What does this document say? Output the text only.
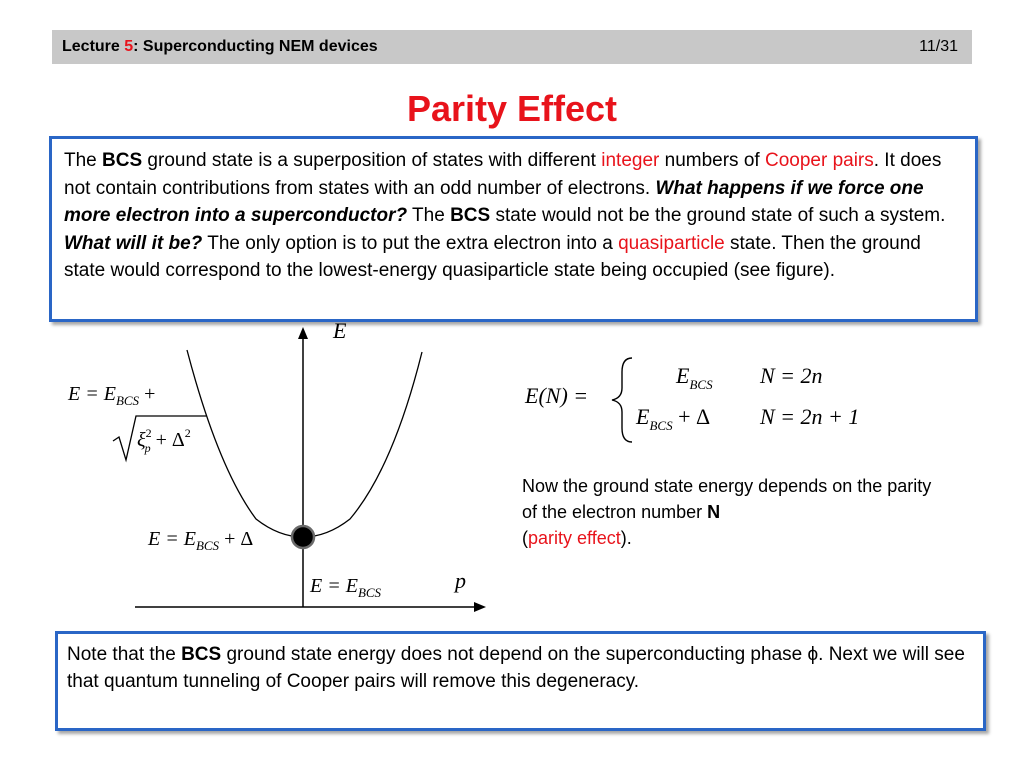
Lecture 5: Superconducting NEM devices	11/31
Parity Effect
The BCS ground state is a superposition of states with different integer numbers of Cooper pairs. It does not contain contributions from states with an odd number of electrons. What happens if we force one more electron into a superconductor? The BCS state would not be the ground state of such a system. What will it be? The only option is to put the extra electron into a quasiparticle state. Then the ground state would correspond to the lowest-energy quasiparticle state being occupied (see figure).
E
p
$E = E_{BCS}$ +
$\xi^2$ $p + \Delta^2$
$E = E_{BCS} + \Delta$
$E = E_{BCS}$
E(N) =
$E_{BCS}$ N = 2n
$E_{BCS} + \Delta$ N = 2n + 1
Now the ground state energy depends on the parity of the electron number N
(parity effect).
Note that the BCS ground state energy does not depend on the superconducting phase ϕ. Next we will see that quantum tunneling of Cooper pairs will remove this degeneracy.
